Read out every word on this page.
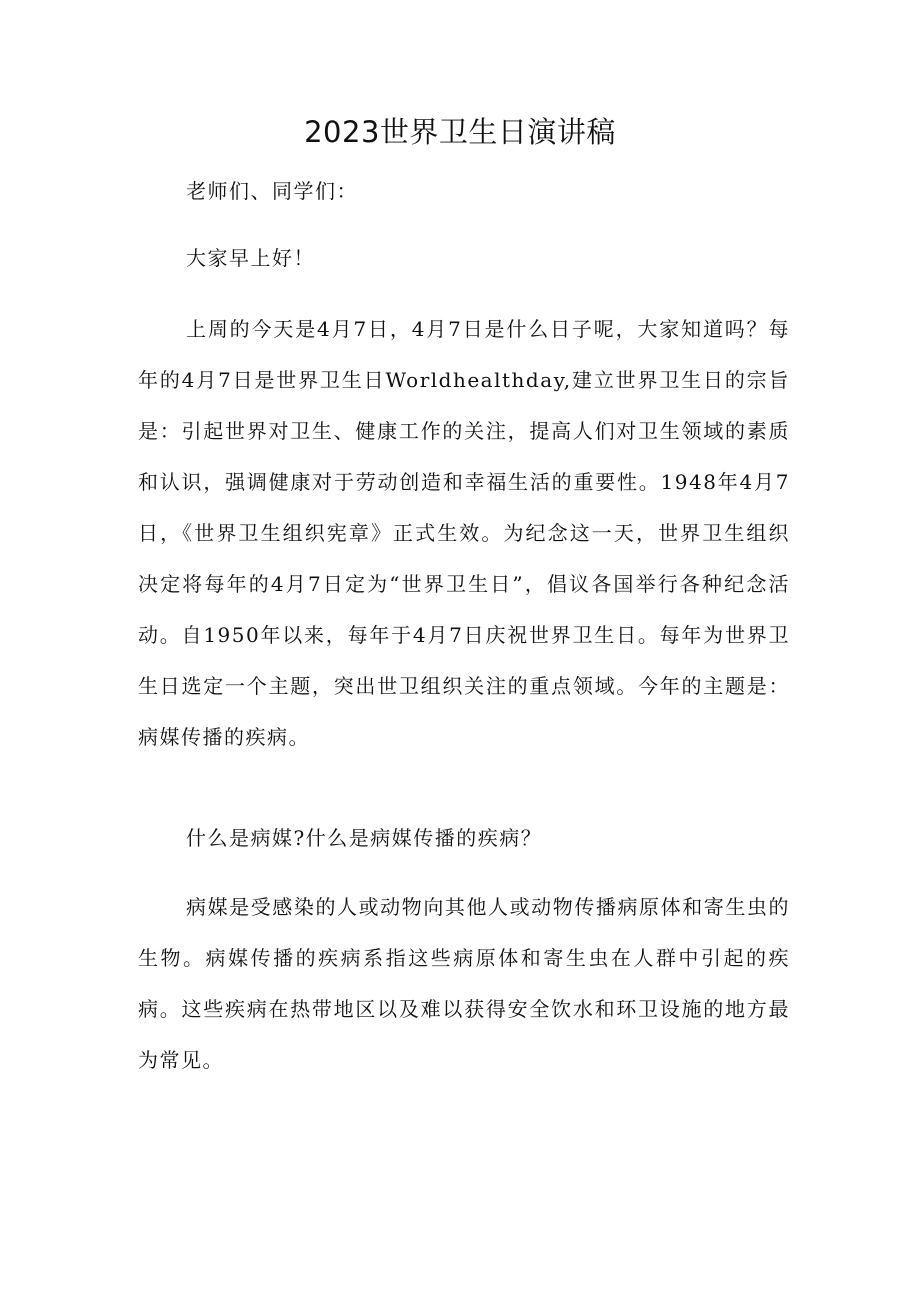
2023世界卫生日演讲稿

老师们、同学们：

大家早上好！

上周的今天是4月7日，4月7日是什么日子呢，大家知道吗？每年的4月7日是世界卫生日Worldhealthday,建立世界卫生日的宗旨是：引起世界对卫生、健康工作的关注，提高人们对卫生领域的素质和认识，强调健康对于劳动创造和幸福生活的重要性。1948年4月7日，《世界卫生组织宪章》正式生效。为纪念这一天，世界卫生组织决定将每年的4月7日定为“世界卫生日”，倡议各国举行各种纪念活动。自1950年以来，每年于4月7日庆祝世界卫生日。每年为世界卫生日选定一个主题，突出世卫组织关注的重点领域。今年的主题是：病媒传播的疾病。

什么是病媒?什么是病媒传播的疾病？

病媒是受感染的人或动物向其他人或动物传播病原体和寄生虫的生物。病媒传播的疾病系指这些病原体和寄生虫在人群中引起的疾病。这些疾病在热带地区以及难以获得安全饮水和环卫设施的地方最为常见。
